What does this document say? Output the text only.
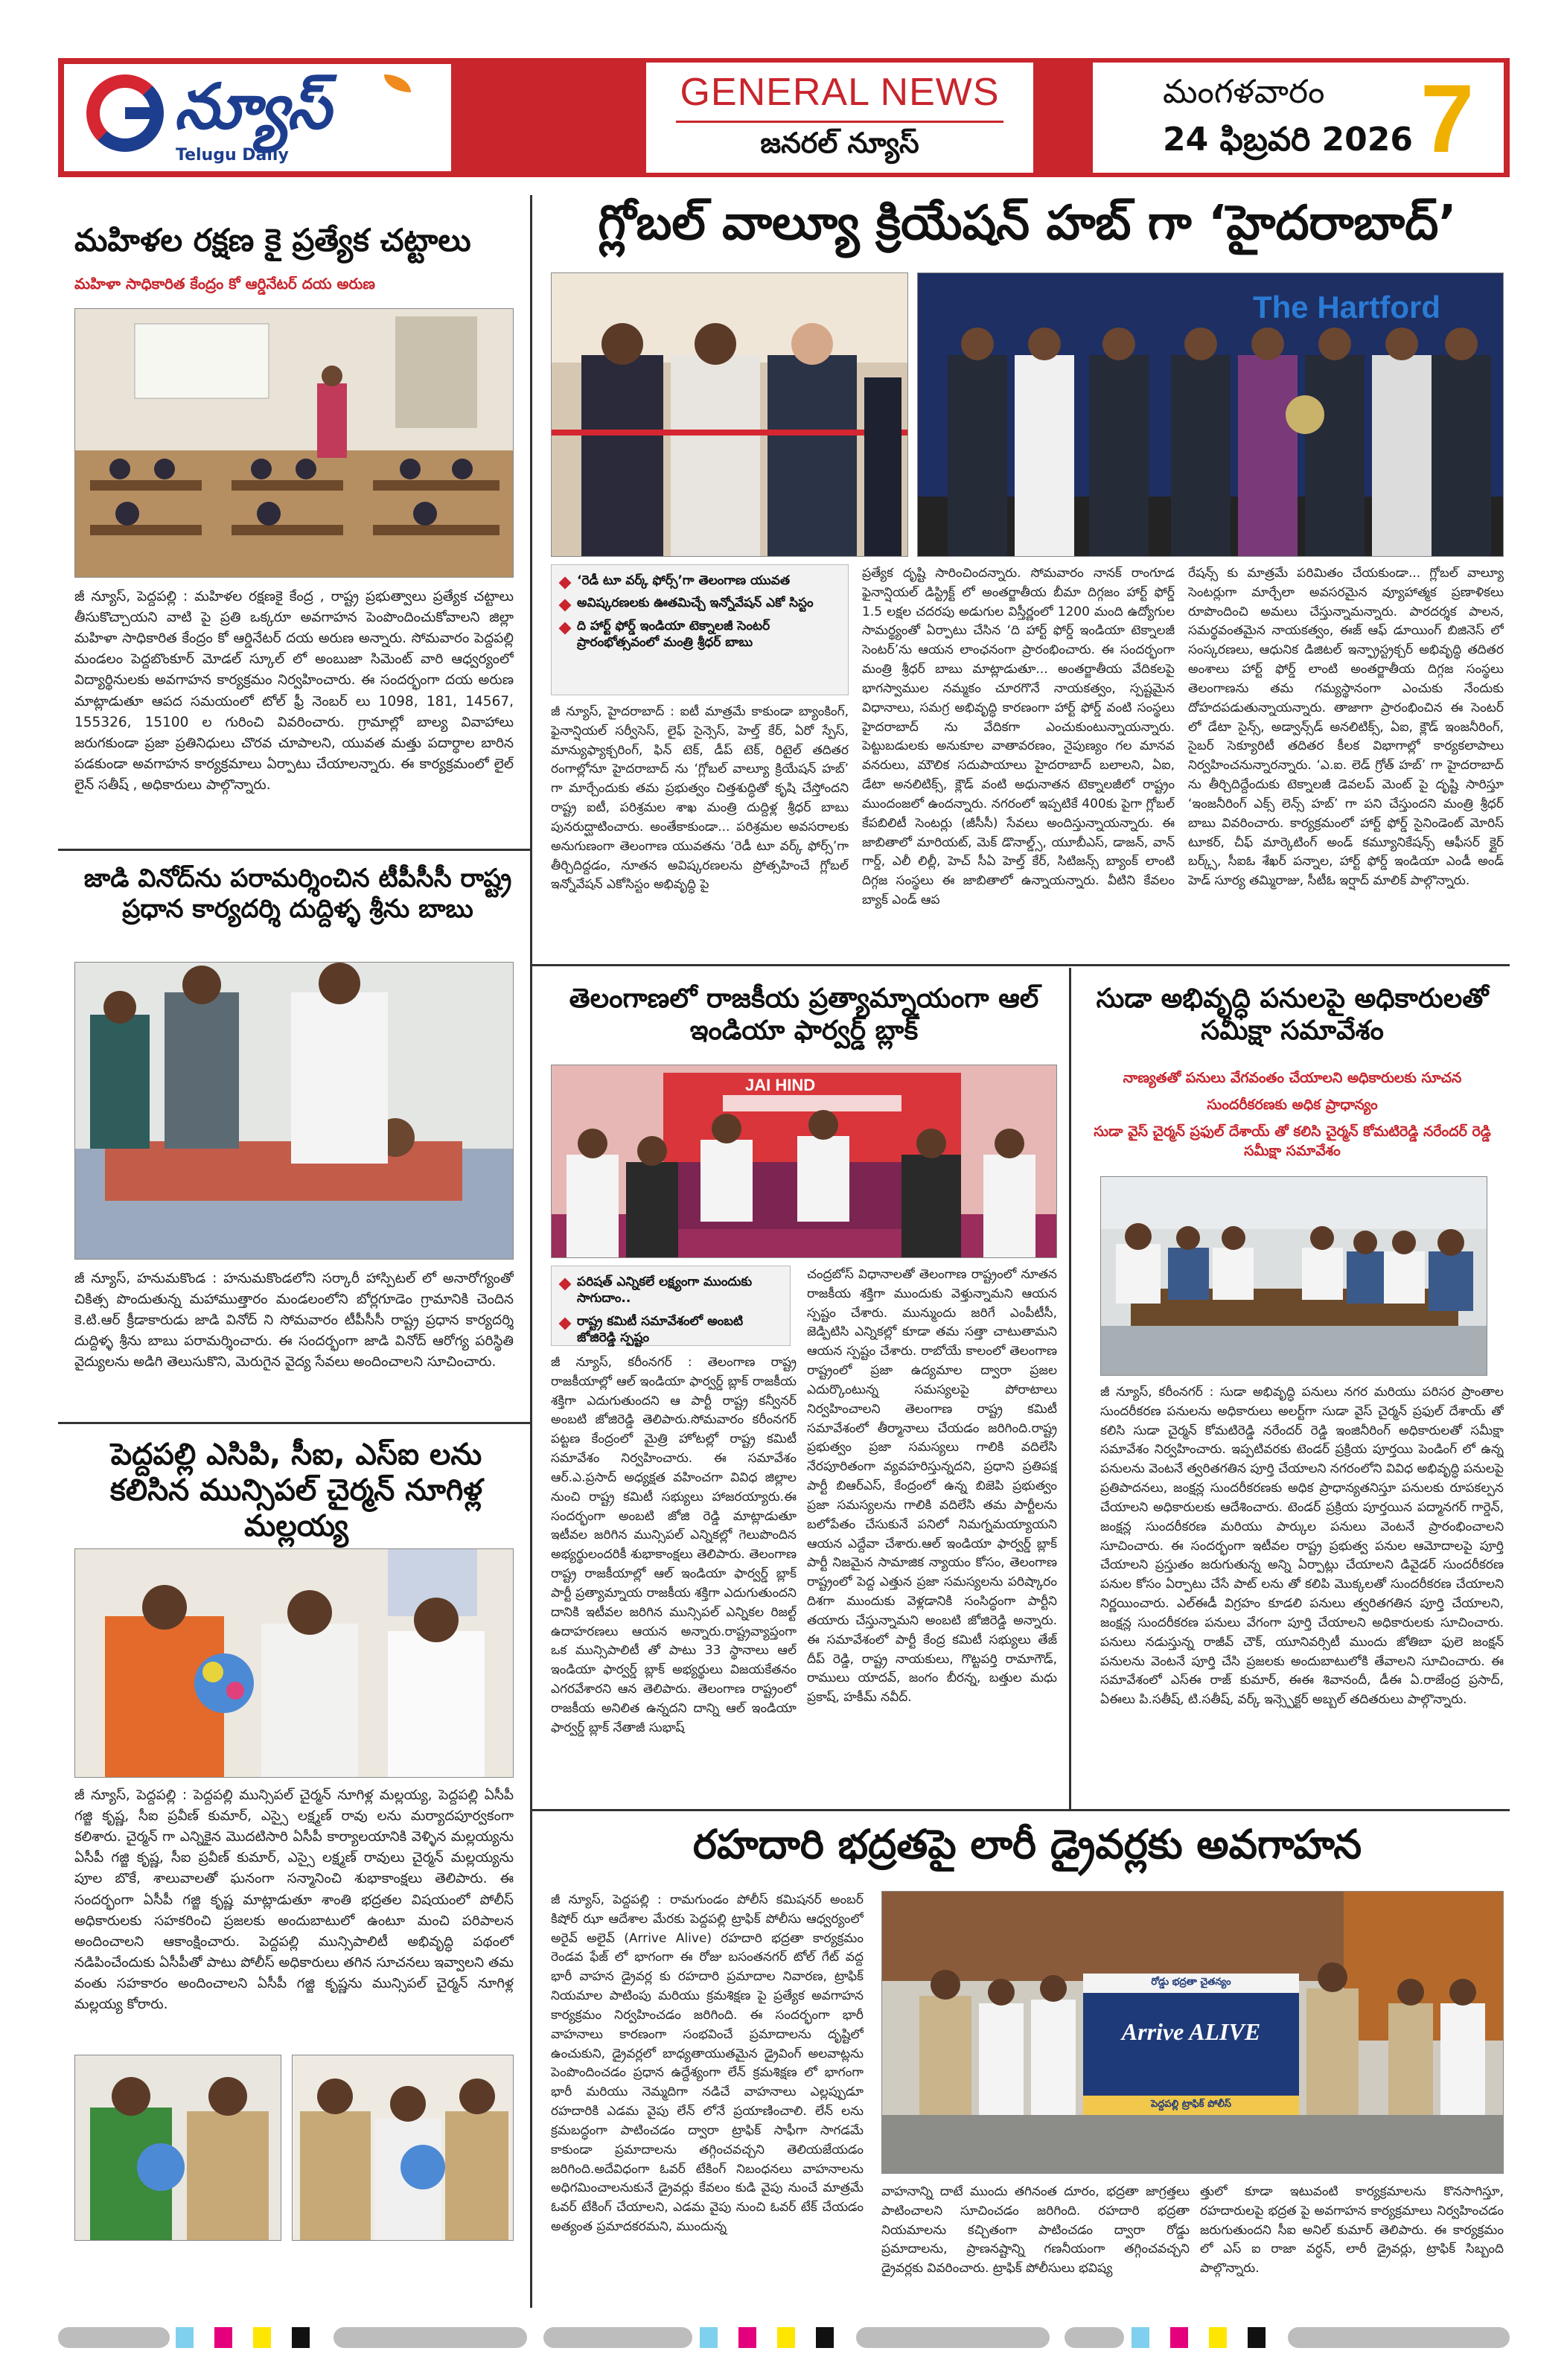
న్యూస్
Telugu Daily
GENERAL NEWS
జనరల్ న్యూస్
మంగళవారం
24 ఫిబ్రవరి 2026 7
మహిళల రక్షణ కై ప్రత్యేక చట్టాలు
మహిళా సాధికారిత కేంద్రం కో ఆర్డినేటర్ దయ అరుణ
జీ న్యూస్, పెద్దపల్లి : మహిళల రక్షణకై కేంద్ర , రాష్ట్ర ప్రభుత్వాలు ప్రత్యేక చట్టాలు తీసుకొచ్చాయని వాటి పై ప్రతి ఒక్కరూ అవగాహన పెంపొందించుకోవాలని జిల్లా మహిళా సాధికారిత కేంద్రం కో ఆర్డినేటర్ దయ అరుణ అన్నారు. సోమవారం పెద్దపల్లి మండలం పెద్దబొంకూర్ మోడల్ స్కూల్ లో అంబుజా సిమెంట్ వారి ఆధ్వర్యంలో విద్యార్థినులకు అవగాహన కార్యక్రమం నిర్వహించారు. ఈ సందర్భంగా దయ అరుణ మాట్లాడుతూ ఆపద సమయంలో టోల్ ఫ్రీ నెంబర్ లు 1098, 181, 14567, 155326, 15100 ల గురించి వివరించారు. గ్రామాల్లో బాల్య వివాహాలు జరుగకుండా ప్రజా ప్రతినిధులు చొరవ చూపాలని, యువత మత్తు పదార్థాల బారిన పడకుండా అవగాహన కార్యక్రమాలు ఏర్పాటు చేయాలన్నారు. ఈ కార్యక్రమంలో లైల్ లైన్ సతీష్ , అధికారులు పాల్గొన్నారు.
జాడి వినోద్‌ను పరామర్శించిన టీపీసీసీ రాష్ట్ర ప్రధాన కార్యదర్శి దుద్దిళ్ళ శ్రీను బాబు
జీ న్యూస్, హనుమకొండ : హనుమకొండలోని సర్కారీ హాస్పిటల్ లో అనారోగ్యంతో చికిత్స పొందుతున్న మహాముత్తారం మండలంలోని బోర్లగూడెం గ్రామానికి చెందిన కె.టి.ఆర్ క్రీడాకారుడు జాడి వినోద్ ని సోమవారం టీపీసీసీ రాష్ట్ర ప్రధాన కార్యదర్శి దుద్దిళ్ళ శ్రీను బాబు పరామర్శించారు. ఈ సందర్భంగా జాడి వినోద్ ఆరోగ్య పరిస్థితి వైద్యులను అడిగి తెలుసుకొని, మెరుగైన వైద్య సేవలు అందించాలని సూచించారు.
పెద్దపల్లి ఎసిపి, సీఐ, ఎస్ఐ లను కలిసిన మున్సిపల్ చైర్మన్ నూగిళ్ల మల్లయ్య
జీ న్యూస్, పెద్దపల్లి : పెద్దపల్లి మున్సిపల్ చైర్మన్ నూగిళ్ల మల్లయ్య, పెద్దపల్లి ఏసీపీ గజ్జి కృష్ణ, సీఐ ప్రవీణ్ కుమార్, ఎస్సై లక్ష్మణ్ రావు లను మర్యాదపూర్వకంగా కలిశారు. చైర్మన్ గా ఎన్నికైన మొదటిసారి ఏసీపీ కార్యాలయానికి వెళ్ళిన మల్లయ్యను ఏసీపీ గజ్జి కృష్ణ, సీఐ ప్రవీణ్ కుమార్, ఎస్సై లక్ష్మణ్ రావులు చైర్మన్ మల్లయ్యను పూల బొకే, శాలువాలతో ఘనంగా సన్మానించి శుభాకాంక్షలు తెలిపారు. ఈ సందర్భంగా ఏసీపీ గజ్జి కృష్ణ మాట్లాడుతూ శాంతి భద్రతల విషయంలో పోలీస్ అధికారులకు సహకరించి ప్రజలకు అందుబాటులో ఉంటూ మంచి పరిపాలన అందించాలని ఆకాంక్షించారు. పెద్దపల్లి మున్సిపాలిటీ అభివృద్ధి పథంలో నడిపించేందుకు ఏసీపీతో పాటు పోలీస్ అధికారులు తగిన సూచనలు ఇవ్వాలని తమ వంతు సహకారం అందించాలని ఏసీపీ గజ్జి కృష్ణను మున్సిపల్ చైర్మన్ నూగిళ్ల మల్లయ్య కోరారు.
గ్లోబల్ వాల్యూ క్రియేషన్ హబ్ గా ‘హైదరాబాద్’
The Hartford
‘రెడీ టూ వర్క్ ఫోర్స్’గా తెలంగాణ యువత
అవిష్కరణలకు ఊతమిచ్చే ఇన్నోవేషన్ ఎకో సిస్టం
ది హార్ట్ ఫోర్డ్ ఇండియా టెక్నాలజీ సెంటర్ ప్రారంభోత్సవంలో మంత్రి శ్రీధర్ బాబు
జీ న్యూస్, హైదరాబాద్ : ఐటీ మాత్రమే కాకుండా బ్యాంకింగ్, ఫైనాన్షియల్ సర్వీసెస్, లైఫ్ సైన్సెస్, హెల్త్ కేర్, ఏరో స్పేస్, మాన్యుఫ్యాక్చరింగ్, ఫిన్ టెక్, డీప్ టెక్, రిటైల్ తదితర రంగాల్లోనూ హైదరాబాద్ ను ‘గ్లోబల్ వాల్యూ క్రియేషన్ హబ్’ గా మార్చేందుకు తమ ప్రభుత్వం చిత్తశుద్ధితో కృషి చేస్తోందని రాష్ట్ర ఐటీ, పరిశ్రమల శాఖ మంత్రి దుద్దిళ్ల శ్రీధర్ బాబు పునరుద్ఘాటించారు. అంతేకాకుండా... పరిశ్రమల అవసరాలకు అనుగుణంగా తెలంగాణ యువతను ‘రెడీ టూ వర్క్ ఫోర్స్’గా తీర్చిదిద్దడం, నూతన అవిష్కరణలను ప్రోత్సహించే గ్లోబల్ ఇన్నోవేషన్ ఎకోసిస్టం అభివృద్ధి పై
ప్రత్యేక దృష్టి సారించిందన్నారు. సోమవారం నానక్ రాంగూడ ఫైనాన్షియల్ డిస్ట్రిక్ట్ లో అంతర్జాతీయ బీమా దిగ్గజం హార్ట్ ఫోర్డ్ 1.5 లక్షల చదరపు అడుగుల విస్తీర్ణంలో 1200 మంది ఉద్యోగుల సామర్థ్యంతో ఏర్పాటు చేసిన ‘ది హార్ట్ ఫోర్డ్ ఇండియా టెక్నాలజీ సెంటర్’ను ఆయన లాంఛనంగా ప్రారంభించారు. ఈ సందర్భంగా మంత్రి శ్రీధర్ బాబు మాట్లాడుతూ... అంతర్జాతీయ వేదికలపై భాగస్వాముల నమ్మకం చూరగొనే నాయకత్వం, స్పష్టమైన విధానాలు, సమగ్ర అభివృద్ధి కారణంగా హార్ట్ ఫోర్డ్ వంటి సంస్థలు హైదరాబాద్ ను వేదికగా ఎంచుకుంటున్నాయన్నారు. పెట్టుబడులకు అనుకూల వాతావరణం, నైపుణ్యం గల మానవ వనరులు, మౌలిక సదుపాయాలు హైదరాబాద్ బలాలని, ఏఐ, డేటా అనలిటిక్స్, క్లౌడ్ వంటి అధునాతన టెక్నాలజీలో రాష్ట్రం ముందంజలో ఉందన్నారు. నగరంలో ఇప్పటికే 400కు పైగా గ్లోబల్ కేపబిలిటీ సెంటర్లు (జీసీసీ) సేవలు అందిస్తున్నాయన్నారు. ఈ జాబితాలో మారియట్, మెక్ డొనాల్డ్స్, యూబీఎస్, డాజన్, వాన్ గార్డ్, ఎలీ లిల్లీ, హెచ్ సీఏ హెల్త్ కేర్, సిటిజన్స్ బ్యాంక్ లాంటి దిగ్గజ సంస్థలు ఈ జాబితాలో ఉన్నాయన్నారు. వీటిని కేవలం బ్యాక్ ఎండ్ ఆప
రేషన్స్ కు మాత్రమే పరిమితం చేయకుండా... గ్లోబల్ వాల్యూ సెంటర్లుగా మార్చేలా అవసరమైన వ్యూహాత్మక ప్రణాళికలు రూపొందించి అమలు చేస్తున్నామన్నారు. పారదర్శక పాలన, సమర్థవంతమైన నాయకత్వం, ఈజ్ ఆఫ్ డూయింగ్ బిజినెస్ లో సంస్కరణలు, ఆధునిక డిజిటల్ ఇన్ఫ్రాస్ట్రక్చర్ అభివృద్ధి తదితర అంశాలు హార్ట్ ఫోర్డ్ లాంటి అంతర్జాతీయ దిగ్గజ సంస్థలు తెలంగాణను తమ గమ్యస్థానంగా ఎంచుకు నేందుకు దోహదపడుతున్నాయన్నారు. తాజాగా ప్రారంభించిన ఈ సెంటర్ లో డేటా సైన్స్, అడ్వాన్స్‌డ్ అనలిటిక్స్, ఏఐ, క్లౌడ్ ఇంజనీరింగ్, సైబర్ సెక్యూరిటీ తదితర కీలక విభాగాల్లో కార్యకలాపాలు నిర్వహించనున్నారన్నారు. ‘ఎ.ఐ. లెడ్ గ్రోత్ హబ్’ గా హైదరాబాద్ ను తీర్చిదిద్దేందుకు టెక్నాలజీ డెవలప్ మెంట్ పై దృష్టి సారిస్తూ ‘ఇంజనీరింగ్ ఎక్స్ లెన్స్ హబ్’ గా పని చేస్తుందని మంత్రి శ్రీధర్ బాబు వివరించారు. కార్యక్రమంలో హార్ట్ ఫోర్డ్ సైనిండెంట్ మోరిస్ టూకర్, చీఫ్ మార్కెటింగ్ అండ్ కమ్యూనికేషన్స్ ఆఫీసర్ క్లైర్ బర్క్స్, సీఐఓ శేఖర్ పన్నాల, హార్ట్ ఫోర్డ్ ఇండియా ఎండీ అండ్ హెడ్ సూర్య తమ్మిరాజు, సీటీఓ ఇర్షాద్ మాలిక్ పాల్గొన్నారు.
తెలంగాణలో రాజకీయ ప్రత్యామ్నాయంగా ఆల్ ఇండియా ఫార్వర్డ్ బ్లాక్
JAI HIND
పరిషత్ ఎన్నికలే లక్ష్యంగా ముందుకు సాగుదాం..
రాష్ట్ర కమిటీ సమావేశంలో అంబటి జోజిరెడ్డి స్పష్టం
జీ న్యూస్, కరీంనగర్ : తెలంగాణ రాష్ట్ర రాజకీయాల్లో ఆల్ ఇండియా ఫార్వర్డ్ బ్లాక్ రాజకీయ శక్తిగా ఎదుగుతుందని ఆ పార్టీ రాష్ట్ర కన్వీనర్ అంబటి జోజిరెడ్డి తెలిపారు.సోమవారం కరీంనగర్ పట్టణ కేంద్రంలో మైత్రి హోటల్లో రాష్ట్ర కమిటీ సమావేశం నిర్వహించారు. ఈ సమావేశం ఆర్.ఎ.ప్రసాద్ అధ్యక్షత వహించగా వివిధ జిల్లాల నుంచి రాష్ట్ర కమిటీ సభ్యులు హాజరయ్యారు.ఈ సందర్భంగా అంబటి జోజి రెడ్డి మాట్లాడుతూ ఇటీవల జరిగిన మున్సిపల్ ఎన్నికల్లో గెలుపొందిన అభ్యర్థులందరికీ శుభాకాంక్షలు తెలిపారు. తెలంగాణ రాష్ట్ర రాజకీయాల్లో ఆల్ ఇండియా ఫార్వర్డ్ బ్లాక్ పార్టీ ప్రత్యామ్నాయ రాజకీయ శక్తిగా ఎదుగుతుందని దానికి ఇటీవల జరిగిన మున్సిపల్ ఎన్నికల రిజల్ట్ ఉదాహరణలు ఆయన అన్నారు.రాష్ట్రవ్యాప్తంగా ఒక మున్సిపాలిటీ తో పాటు 33 స్థానాలు ఆల్ ఇండియా ఫార్వర్డ్ బ్లాక్ అభ్యర్థులు విజయకేతనం ఎగరవేశారని ఆన తెలిపారు. తెలంగాణ రాష్ట్రంలో రాజకీయ అనిలిత ఉన్నదని దాన్ని ఆల్ ఇండియా ఫార్వర్డ్ బ్లాక్ నేతాజీ సుభాష్
చంద్రబోస్ విధానాలతో తెలంగాణ రాష్ట్రంలో నూతన రాజకీయ శక్తిగా ముందుకు వెళ్తున్నామని ఆయన స్పష్టం చేశారు. మున్ముందు జరిగే ఎంపీటీసీ, జెడ్పిటిసి ఎన్నికల్లో కూడా తమ సత్తా చాటుతామని ఆయన స్పష్టం చేశారు. రాబోయే కాలంలో తెలంగాణ రాష్ట్రంలో ప్రజా ఉద్యమాల ద్వారా ప్రజల ఎదుర్కొంటున్న సమస్యలపై పోరాటాలు నిర్వహించాలని తెలంగాణ రాష్ట్ర కమిటీ సమావేశంలో తీర్మానాలు చేయడం జరిగింది.రాష్ట్ర ప్రభుత్వం ప్రజా సమస్యలు గాలికి వదిలేసి నేరపూరితంగా వ్యవహరిస్తున్నదని, ప్రధాని ప్రతిపక్ష పార్టీ బిఆర్ఎస్, కేంద్రంలో ఉన్న బిజెపి ప్రభుత్వం ప్రజా సమస్యలను గాలికి వదిలేసి తమ పార్టీలను బలోపేతం చేసుకునే పనిలో నిమగ్నమయ్యాయని ఆయన ఎద్దేవా చేశారు.ఆల్ ఇండియా ఫార్వర్డ్ బ్లాక్ పార్టీ నిజమైన సామాజిక న్యాయం కోసం, తెలంగాణ రాష్ట్రంలో పెద్ద ఎత్తున ప్రజా సమస్యలను పరిష్కారం దిశగా ముందుకు వెళ్లడానికి సంసిద్ధంగా పార్టీని తయారు చేస్తున్నామని అంబటి జోజిరెడ్డి అన్నారు. ఈ సమావేశంలో పార్టీ కేంద్ర కమిటీ సభ్యులు తేజ్ దీప్ రెడ్డి, రాష్ట్ర నాయకులు, గొట్టపర్తి రామాగౌడ్, రాములు యాదవ్, జంగం బీరన్న, బత్తుల మధు ప్రకాష్, హకీమ్ నవీద్.
సుడా అభివృద్ధి పనులపై అధికారులతో సమీక్షా సమావేశం
నాణ్యతతో పనులు వేగవంతం చేయాలని అధికారులకు సూచన
సుందరీకరణకు అధిక ప్రాధాన్యం
సుడా వైస్ చైర్మన్ ప్రఫుల్ దేశాయ్ తో కలిసి చైర్మన్ కోమటిరెడ్డి నరేందర్ రెడ్డి సమీక్షా సమావేశం
జీ న్యూస్, కరీంనగర్ : సుడా అభివృద్ధి పనులు నగర మరియు పరిసర ప్రాంతాల సుందరీకరణ పనులను అధికారులు అలర్ట్‌గా సుడా వైస్ చైర్మన్ ప్రఫుల్ దేశాయ్ తో కలిసి సుడా చైర్మన్ కోమటిరెడ్డి నరేందర్ రెడ్డి ఇంజినీరింగ్ అధికారులతో సమీక్షా సమావేశం నిర్వహించారు. ఇప్పటివరకు టెండర్ ప్రక్రియ పూర్తయి పెండింగ్ లో ఉన్న పనులను వెంటనే త్వరితగతిన పూర్తి చేయాలని నగరంలోని వివిధ అభివృద్ధి పనులపై ప్రతిపాదనలు, జంక్షన్ల సుందరీకరణకు అధిక ప్రాధాన్యతనిస్తూ పనులకు రూపకల్పన చేయాలని అధికారులకు ఆదేశించారు. టెండర్ ప్రక్రియ పూర్తయిన పద్మానగర్ గార్డెన్, జంక్షన్ల సుందరీకరణ మరియు పార్కుల పనులు వెంటనే ప్రారంభించాలని సూచించారు. ఈ సందర్భంగా ఇటీవల రాష్ట్ర ప్రభుత్వ పనుల ఆమోదాలపై పూర్తి చేయాలని ప్రస్తుతం జరుగుతున్న అన్ని ఏర్పాట్లు చేయాలని డివైడర్ సుందరీకరణ పనుల కోసం ఏర్పాటు చేసే పాట్ లను తో కలిపి మొక్కలతో సుందరీకరణ చేయాలని నిర్ణయించారు. ఎల్ఈడీ విగ్రహం కూడలి పనులు త్వరితగతిన పూర్తి చేయాలని, జంక్షన్ల సుందరీకరణ పనులు వేగంగా పూర్తి చేయాలని అధికారులకు సూచించారు. పనులు నడుస్తున్న రాజీవ్ చౌక్, యూనివర్సిటీ ముందు జోతిబా ఫులె జంక్షన్ పనులను వెంటనే పూర్తి చేసి ప్రజలకు అందుబాటులోకి తేవాలని సూచించారు. ఈ సమావేశంలో ఎస్ఈ రాజ్ కుమార్, ఈఈ శివానందీ, డీఈ ఏ.రాజేంద్ర ప్రసాద్, ఏఈలు పి.సతీష్, టి.సతీష్, వర్క్ ఇన్స్పెక్టర్ అబ్బల్ తదితరులు పాల్గొన్నారు.
రహదారి భద్రతపై లారీ డ్రైవర్లకు అవగాహన
జీ న్యూస్, పెద్దపల్లి : రామగుండం పోలీస్ కమిషనర్ అంబర్ కిషోర్ ఝా ఆదేశాల మేరకు పెద్దపల్లి ట్రాఫిక్ పోలీసు ఆధ్వర్యంలో అరైవ్ అలైవ్ (Arrive Alive) రహదారి భద్రతా కార్యక్రమం రెండవ ఫేజ్ లో భాగంగా ఈ రోజు బసంతనగర్ టోల్ గేట్ వద్ద భారీ వాహన డ్రైవర్ల కు రహదారి ప్రమాదాల నివారణ, ట్రాఫిక్ నియమాల పాటింపు మరియు క్రమశిక్షణ పై ప్రత్యేక అవగాహన కార్యక్రమం నిర్వహించడం జరిగింది. ఈ సందర్భంగా భారీ వాహనాలు కారణంగా సంభవించే ప్రమాదాలను దృష్టిలో ఉంచుకుని, డ్రైవర్లలో బాధ్యతాయుతమైన డ్రైవింగ్ అలవాట్లను పెంపొందించడం ప్రధాన ఉద్దేశ్యంగా లేన్ క్రమశిక్షణ లో భాగంగా భారీ మరియు నెమ్మదిగా నడిచే వాహనాలు ఎల్లప్పుడూ రహదారికి ఎడమ వైపు లేన్ లోనే ప్రయాణించాలి. లేన్ లను క్రమబద్ధంగా పాటించడం ద్వారా ట్రాఫిక్ సాఫీగా సాగడమే కాకుండా ప్రమాదాలను తగ్గించవచ్చని తెలియజేయడం జరిగింది.అదేవిధంగా ఓవర్ టేకింగ్ నిబంధనలు వాహనాలను అధిగమించాలనుకునే డ్రైవర్లు కేవలం కుడి వైపు నుంచే మాత్రమే ఓవర్ టేకింగ్ చేయాలని, ఎడమ వైపు నుంచి ఓవర్ టేక్ చేయడం అత్యంత ప్రమాదకరమని, ముందున్న
రోడ్డు భద్రతా చైతన్యం
Arrive ALIVE
పెద్దపల్లి ట్రాఫిక్ పోలీస్
వాహనాన్ని దాటే ముందు తగినంత దూరం, భద్రతా జాగ్రత్తలు పాటించాలని సూచించడం జరిగింది. రహదారి భద్రతా నియమాలను కచ్చితంగా పాటించడం ద్వారా రోడ్డు ప్రమాదాలను, ప్రాణనష్టాన్ని గణనీయంగా తగ్గించవచ్చని డ్రైవర్లకు వివరించారు. ట్రాఫిక్ పోలీసులు భవిష్య
త్తులో కూడా ఇటువంటి కార్యక్రమాలను కొనసాగిస్తూ, రహదారులపై భద్రత పై అవగాహన కార్యక్రమాలు నిర్వహించడం జరుగుతుందని సీఐ అనిల్ కుమార్ తెలిపారు. ఈ కార్యక్రమం లో ఎస్ ఐ రాజా వర్ధన్, లారీ డ్రైవర్లు, ట్రాఫిక్ సిబ్బంది పాల్గొన్నారు.
